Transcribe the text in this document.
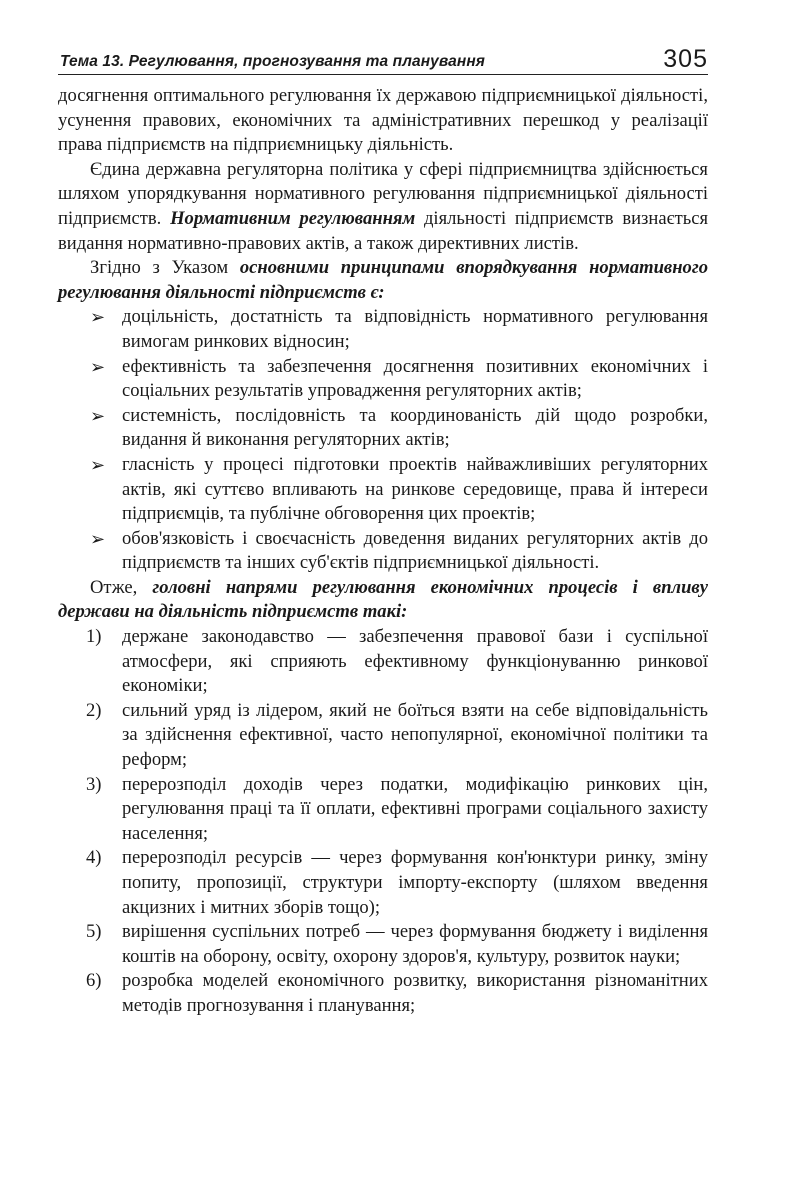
Тема 13. Регулювання, прогнозування та планування	305

досягнення оптимального регулювання їх державою підприємницької діяльності, усунення правових, економічних та адміністративних перешкод у реалізації права підприємств на підприємницьку діяльність.

Єдина державна регуляторна політика у сфері підприємництва здійснюється шляхом упорядкування нормативного регулювання підприємницької діяльності підприємств. Нормативним регулюванням діяльності підприємств визнається видання нормативно-правових актів, а також директивних листів.

Згідно з Указом основними принципами впорядкування нормативного регулювання діяльності підприємств є:

➢ доцільність, достатність та відповідність нормативного регулювання вимогам ринкових відносин;
➢ ефективність та забезпечення досягнення позитивних економічних і соціальних результатів упровадження регуляторних актів;
➢ системність, послідовність та координованість дій щодо розробки, видання й виконання регуляторних актів;
➢ гласність у процесі підготовки проектів найважливіших регуляторних актів, які суттєво впливають на ринкове середовище, права й інтереси підприємців, та публічне обговорення цих проектів;
➢ обов'язковість і своєчасність доведення виданих регуляторних актів до підприємств та інших суб'єктів підприємницької діяльності.

Отже, головні напрями регулювання економічних процесів і впливу держави на діяльність підприємств такі:

1)	держане законодавство — забезпечення правової бази і суспільної атмосфери, які сприяють ефективному функціонуванню ринкової економіки;
2)	сильний уряд із лідером, який не боїться взяти на себе відповідальність за здійснення ефективної, часто непопулярної, економічної політики та реформ;
3)	перерозподіл доходів через податки, модифікацію ринкових цін, регулювання праці та її оплати, ефективні програми соціального захисту населення;
4)	перерозподіл ресурсів — через формування кон'юнктури ринку, зміну попиту, пропозиції, структури імпорту-експорту (шляхом введення акцизних і митних зборів тощо);
5)	вирішення суспільних потреб — через формування бюджету і виділення коштів на оборону, освіту, охорону здоров'я, культуру, розвиток науки;
6)	розробка моделей економічного розвитку, використання різноманітних методів прогнозування і планування;
